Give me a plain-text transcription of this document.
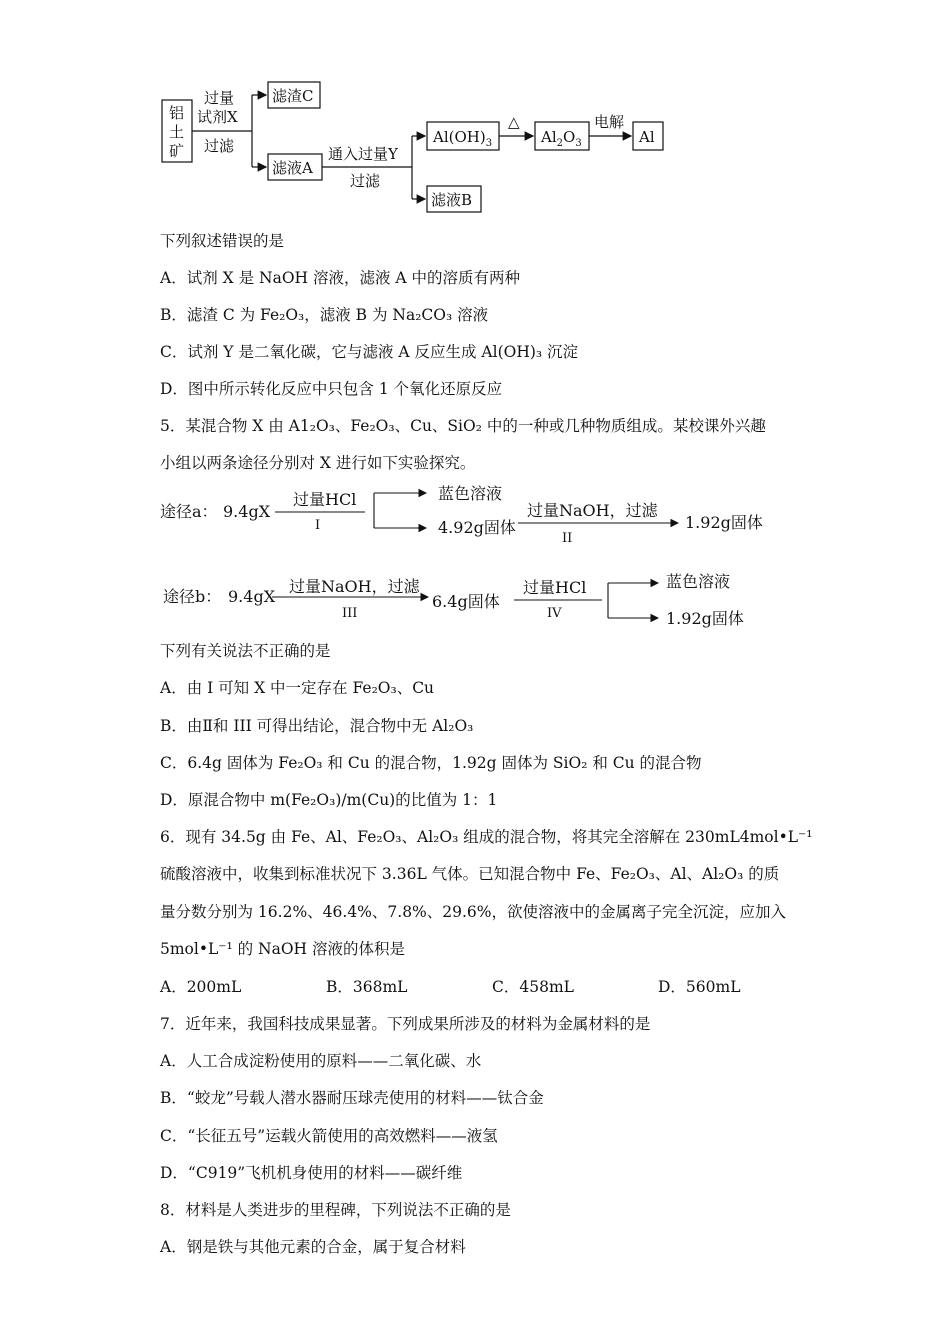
铝
土
矿
过量
试剂X
过滤
滤渣C
滤液A
通入过量Y
过滤
$Al(OH)_3$
△
$Al_2O_3$
电解
Al
滤液B
下列叙述错误的是
A．试剂 X 是 NaOH 溶液，滤液 A 中的溶质有两种
B．滤渣 C 为 Fe₂O₃，滤液 B 为 Na₂CO₃ 溶液
C．试剂 Y 是二氧化碳，它与滤液 A 反应生成 Al(OH)₃ 沉淀
D．图中所示转化反应中只包含 1 个氧化还原反应
5．某混合物 X 由 A1₂O₃、Fe₂O₃、Cu、SiO₂ 中的一种或几种物质组成。某校课外兴趣
小组以两条途径分别对 X 进行如下实验探究。
途径a： 9.4gX
过量HCl
I
蓝色溶液
4.92g固体
过量NaOH，过滤
II
1.92g固体
途径b： 9.4gX
过量NaOH，过滤
III
6.4g固体
过量HCl
IV
蓝色溶液
1.92g固体
下列有关说法不正确的是
A．由 I 可知 X 中一定存在 Fe₂O₃、Cu
B．由Ⅱ和 III 可得出结论，混合物中无 Al₂O₃
C．6.4g 固体为 Fe₂O₃ 和 Cu 的混合物，1.92g 固体为 SiO₂ 和 Cu 的混合物
D．原混合物中 m(Fe₂O₃)/m(Cu)的比值为 1：1
6．现有 34.5g 由 Fe、Al、Fe₂O₃、Al₂O₃ 组成的混合物，将其完全溶解在 230mL4mol•L⁻¹
硫酸溶液中，收集到标准状况下 3.36L 气体。已知混合物中 Fe、Fe₂O₃、Al、Al₂O₃ 的质
量分数分别为 16.2%、46.4%、7.8%、29.6%，欲使溶液中的金属离子完全沉淀，应加入
5mol•L⁻¹ 的 NaOH 溶液的体积是
A．200mL	B．368mL	C．458mL	D．560mL
7．近年来，我国科技成果显著。下列成果所涉及的材料为金属材料的是
A．人工合成淀粉使用的原料——二氧化碳、水
B．“蛟龙”号载人潜水器耐压球壳使用的材料——钛合金
C．“长征五号”运载火箭使用的高效燃料——液氢
D．“C919”飞机机身使用的材料——碳纤维
8．材料是人类进步的里程碑，下列说法不正确的是
A．钢是铁与其他元素的合金，属于复合材料
